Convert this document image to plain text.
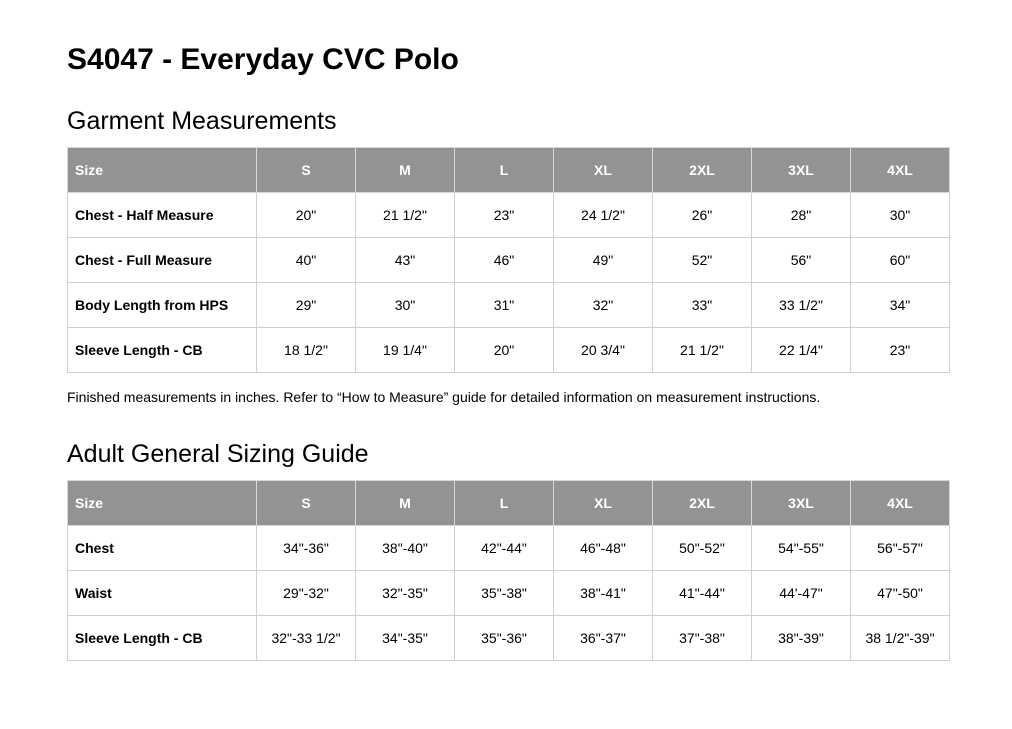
S4047 - Everyday CVC Polo
Garment Measurements
Size	S	M	L	XL	2XL	3XL	4XL
Chest - Half Measure	20"	21 1/2"	23"	24 1/2"	26"	28"	30"
Chest - Full Measure	40"	43"	46"	49"	52"	56"	60"
Body Length from HPS	29"	30"	31"	32"	33"	33 1/2"	34"
Sleeve Length - CB	18 1/2"	19 1/4"	20"	20 3/4"	21 1/2"	22 1/4"	23"

Finished measurements in inches. Refer to “How to Measure” guide for detailed information on measurement instructions.

Adult General Sizing Guide
Size	S	M	L	XL	2XL	3XL	4XL
Chest	34"-36"	38"-40"	42"-44"	46"-48"	50"-52"	54"-55"	56"-57"
Waist	29"-32"	32"-35"	35"-38"	38"-41"	41"-44"	44'-47"	47"-50"
Sleeve Length - CB	32"-33 1/2"	34"-35"	35"-36"	36"-37"	37"-38"	38"-39"	38 1/2"-39"
